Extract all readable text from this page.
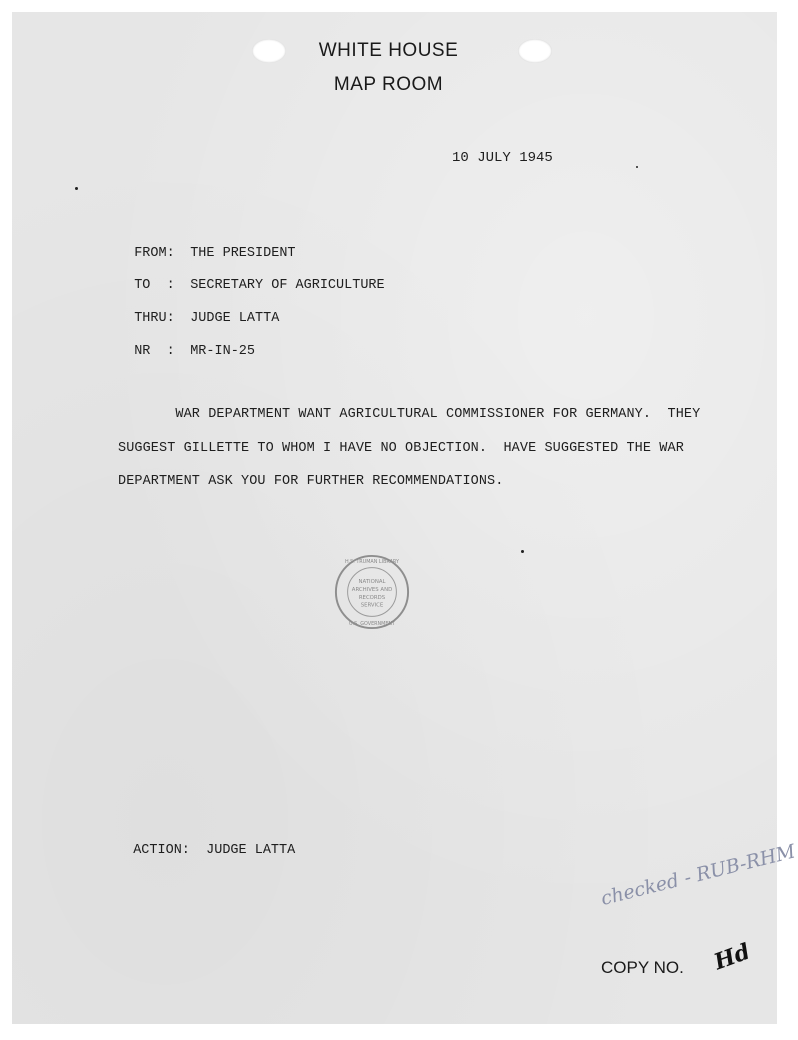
WHITE HOUSE
MAP ROOM
10 JULY 1945

FROM: THE PRESIDENT

TO  : SECRETARY OF AGRICULTURE

THRU: JUDGE LATTA

NR  : MR-IN-25

WAR DEPARTMENT WANT AGRICULTURAL COMMISSIONER FOR GERMANY.  THEY
SUGGEST GILLETTE TO WHOM I HAVE NO OBJECTION.  HAVE SUGGESTED THE WAR
DEPARTMENT ASK YOU FOR FURTHER RECOMMENDATIONS.
NATIONAL
ARCHIVES AND
RECORDS
SERVICE
H.S. TRUMAN LIBRARY
U.S. GOVERNMENT

ACTION: JUDGE LATTA	checked - RUB-RHM
COPY NO. Hd
